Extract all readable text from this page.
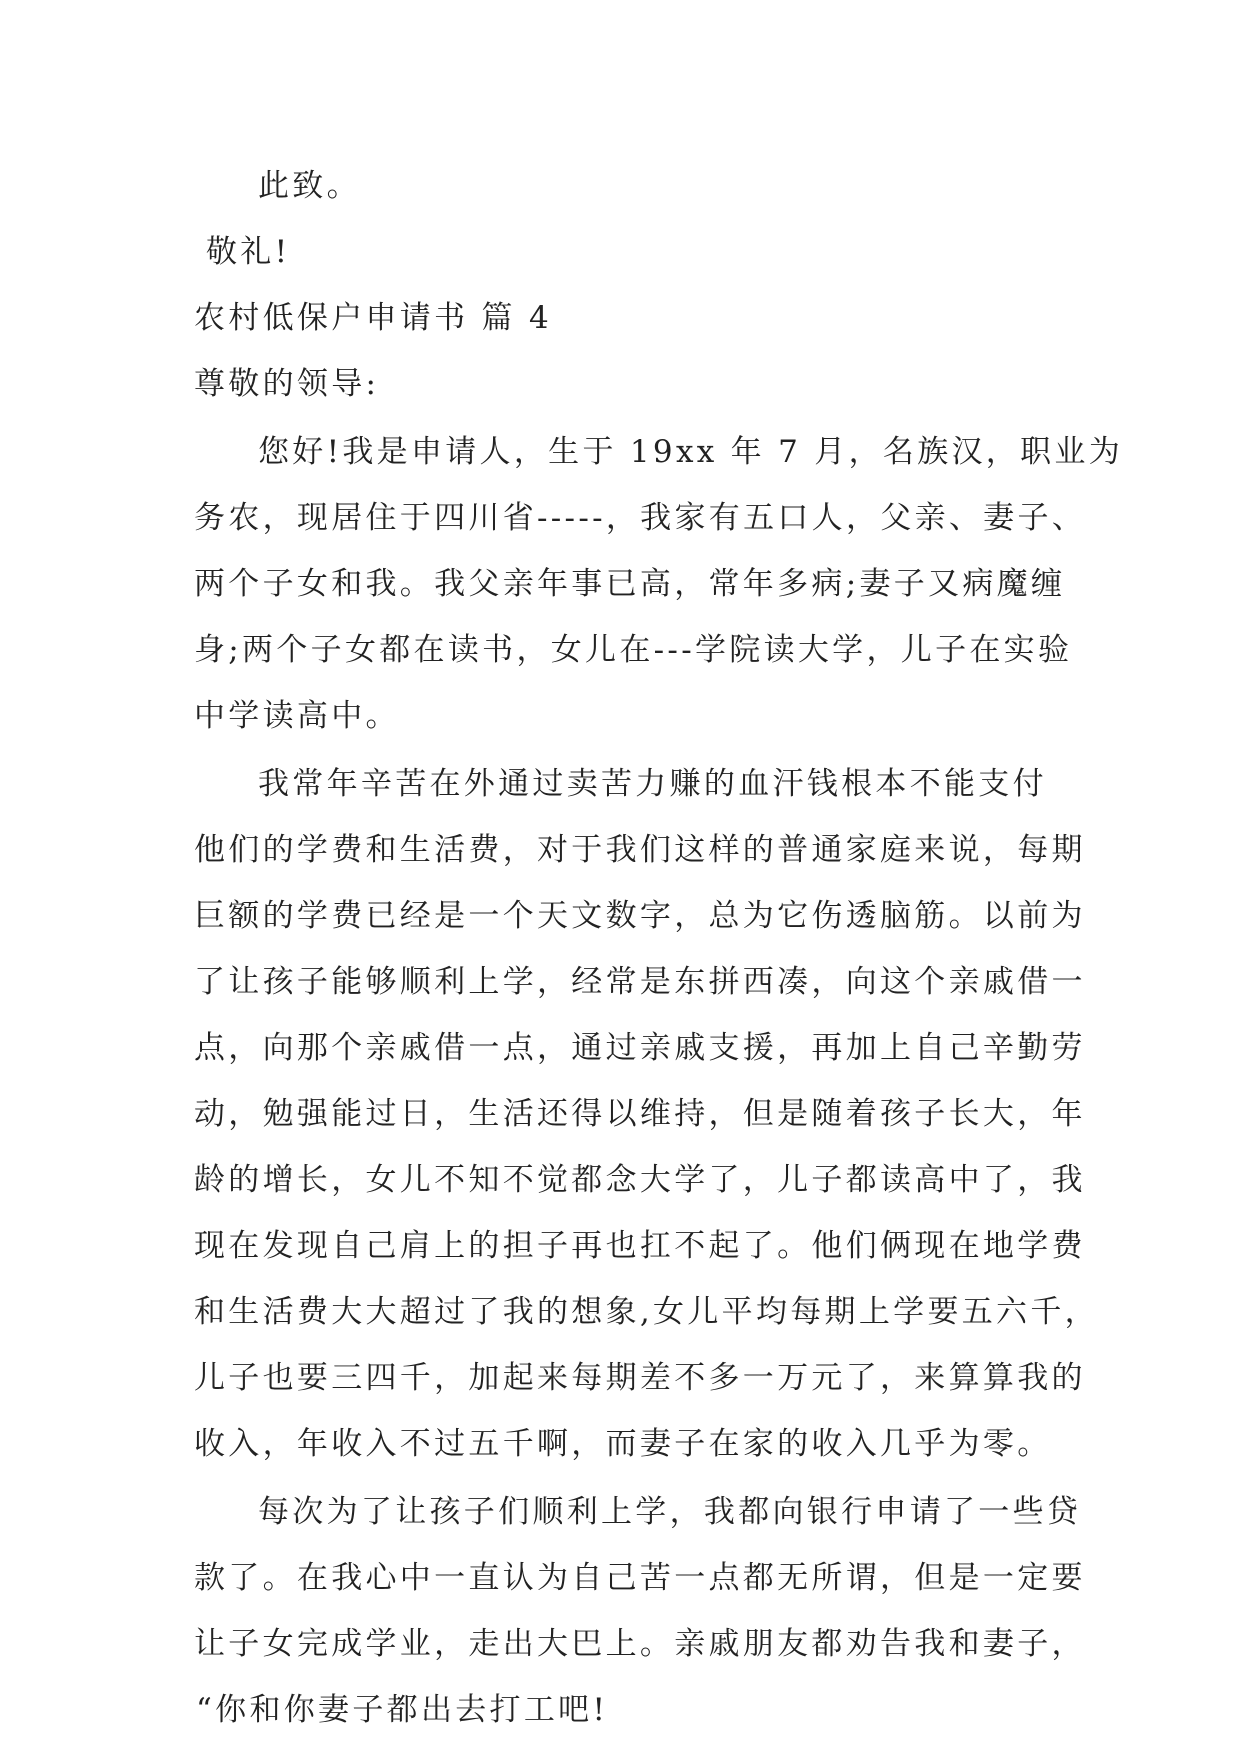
此致。
敬礼!
农村低保户申请书 篇 4
尊敬的领导:
您好!我是申请人，生于 19xx 年 7 月，名族汉，职业为
务农，现居住于四川省-----，我家有五口人，父亲、妻子、
两个子女和我。我父亲年事已高，常年多病;妻子又病魔缠
身;两个子女都在读书，女儿在---学院读大学，儿子在实验
中学读高中。
我常年辛苦在外通过卖苦力赚的血汗钱根本不能支付
他们的学费和生活费，对于我们这样的普通家庭来说，每期
巨额的学费已经是一个天文数字，总为它伤透脑筋。以前为
了让孩子能够顺利上学，经常是东拼西凑，向这个亲戚借一
点，向那个亲戚借一点，通过亲戚支援，再加上自己辛勤劳
动，勉强能过日，生活还得以维持，但是随着孩子长大，年
龄的增长，女儿不知不觉都念大学了，儿子都读高中了，我
现在发现自己肩上的担子再也扛不起了。他们俩现在地学费
和生活费大大超过了我的想象,女儿平均每期上学要五六千，
儿子也要三四千，加起来每期差不多一万元了，来算算我的
收入，年收入不过五千啊，而妻子在家的收入几乎为零。
每次为了让孩子们顺利上学，我都向银行申请了一些贷
款了。在我心中一直认为自己苦一点都无所谓，但是一定要
让子女完成学业，走出大巴上。亲戚朋友都劝告我和妻子，
“你和你妻子都出去打工吧!
